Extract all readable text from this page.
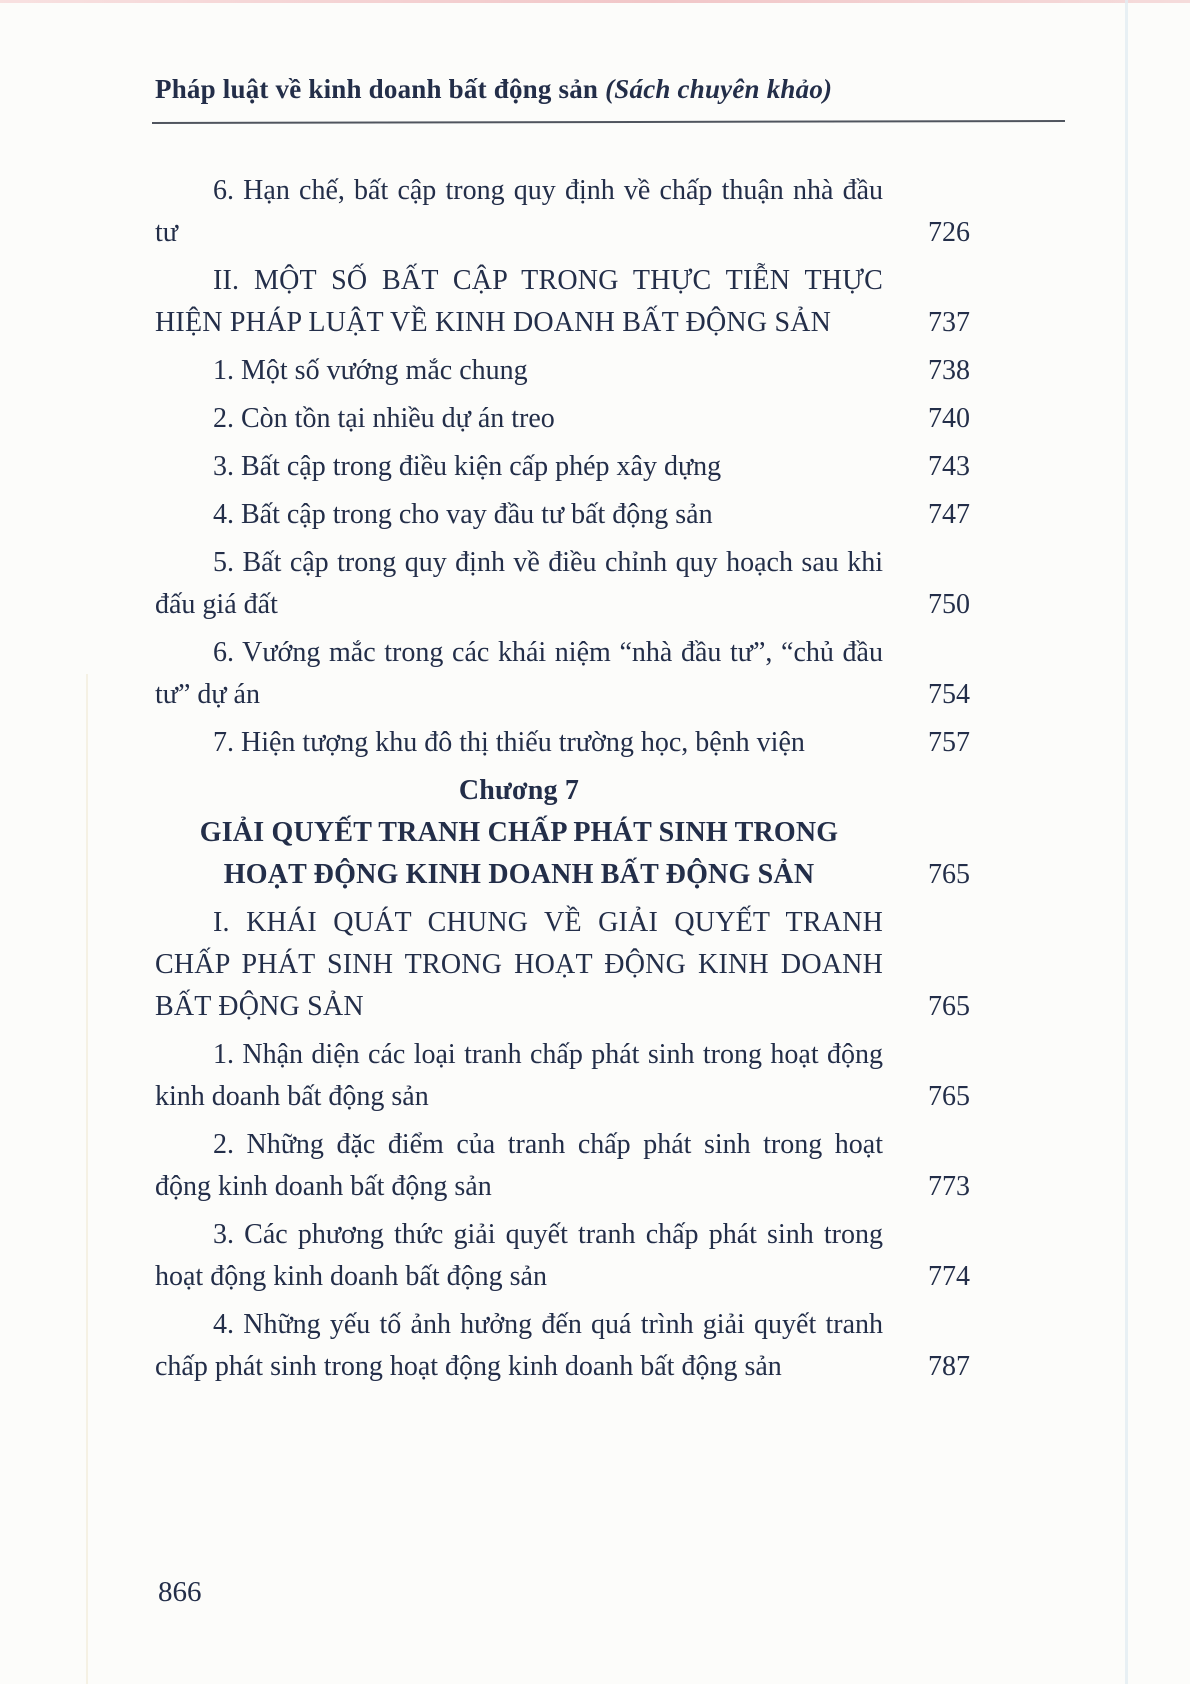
Pháp luật về kinh doanh bất động sản (Sách chuyên khảo)
6. Hạn chế, bất cập trong quy định về chấp thuận nhà đầu tư	726
II. MỘT SỐ BẤT CẬP TRONG THỰC TIỄN THỰC HIỆN PHÁP LUẬT VỀ KINH DOANH BẤT ĐỘNG SẢN	737
1. Một số vướng mắc chung	738
2. Còn tồn tại nhiều dự án treo	740
3. Bất cập trong điều kiện cấp phép xây dựng	743
4. Bất cập trong cho vay đầu tư bất động sản	747
5. Bất cập trong quy định về điều chỉnh quy hoạch sau khi đấu giá đất	750
6. Vướng mắc trong các khái niệm “nhà đầu tư”, “chủ đầu tư” dự án	754
7. Hiện tượng khu đô thị thiếu trường học, bệnh viện	757
Chương 7
GIẢI QUYẾT TRANH CHẤP PHÁT SINH TRONG HOẠT ĐỘNG KINH DOANH BẤT ĐỘNG SẢN	765
I. KHÁI QUÁT CHUNG VỀ GIẢI QUYẾT TRANH CHẤP PHÁT SINH TRONG HOẠT ĐỘNG KINH DOANH BẤT ĐỘNG SẢN	765
1. Nhận diện các loại tranh chấp phát sinh trong hoạt động kinh doanh bất động sản	765
2. Những đặc điểm của tranh chấp phát sinh trong hoạt động kinh doanh bất động sản	773
3. Các phương thức giải quyết tranh chấp phát sinh trong hoạt động kinh doanh bất động sản	774
4. Những yếu tố ảnh hưởng đến quá trình giải quyết tranh chấp phát sinh trong hoạt động kinh doanh bất động sản	787
866
